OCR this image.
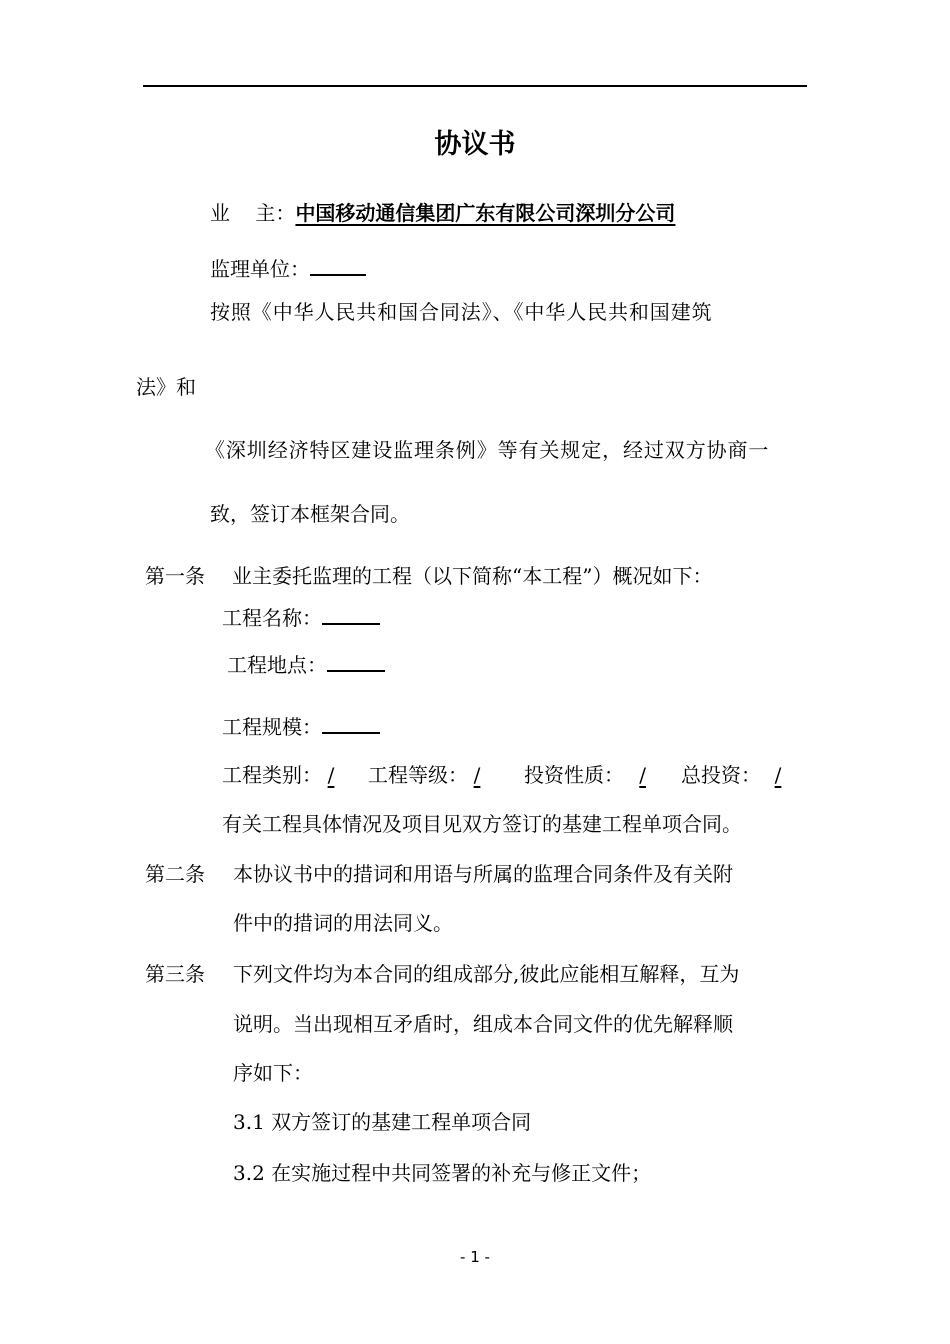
协议书
业    主：中国移动通信集团广东有限公司深圳分公司
监理单位：
按照《中华人民共和国合同法》、《中华人民共和国建筑
法》和
《深圳经济特区建设监理条例》等有关规定，经过双方协商一
致，签订本框架合同。
第一条 业主委托监理的工程（以下简称“本工程”）概况如下：
工程名称：
工程地点：
工程规模：
工程类别： / 工程等级： / 投资性质： / 总投资： /
有关工程具体情况及项目见双方签订的基建工程单项合同。
第二条 本协议书中的措词和用语与所属的监理合同条件及有关附
件中的措词的用法同义。
第三条 下列文件均为本合同的组成部分,彼此应能相互解释，互为
说明。当出现相互矛盾时，组成本合同文件的优先解释顺
序如下：
3.1 双方签订的基建工程单项合同
3.2 在实施过程中共同签署的补充与修正文件；
- 1 -
